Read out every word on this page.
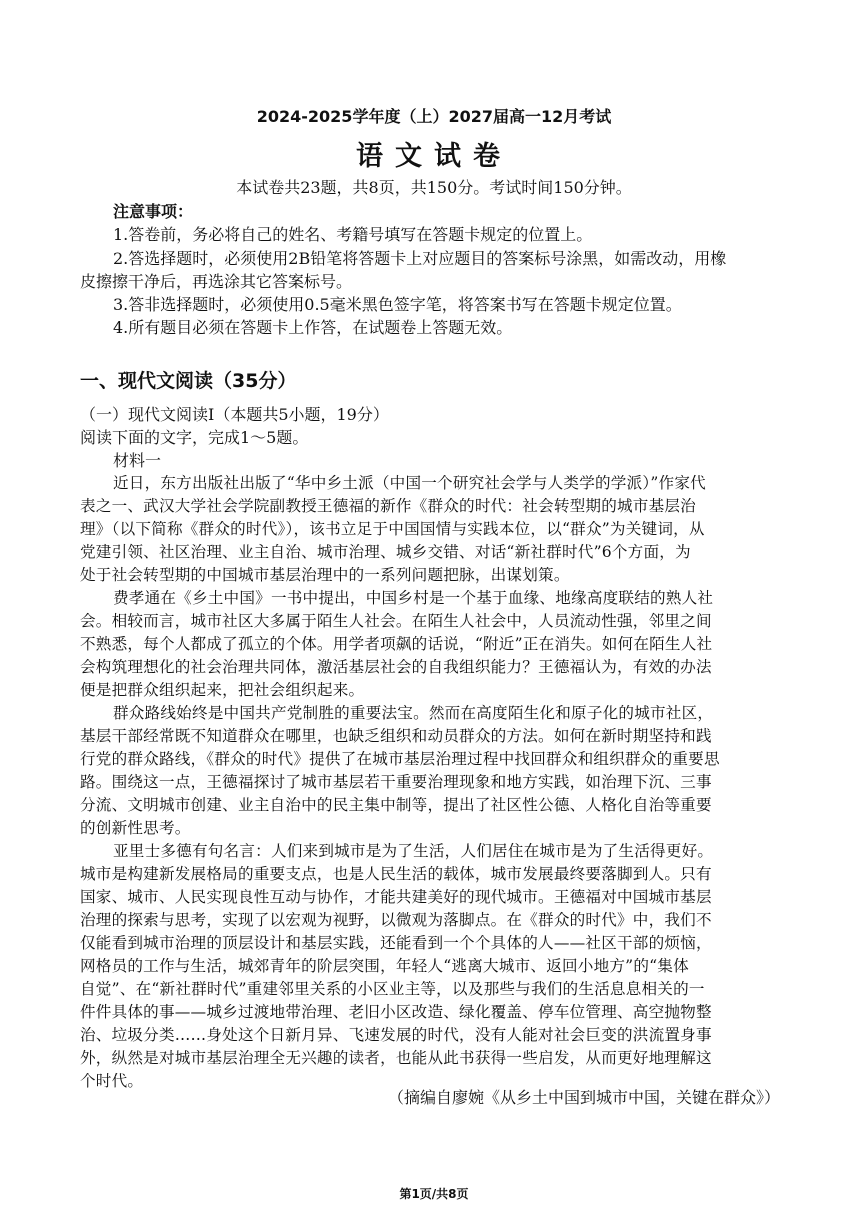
2024-2025学年度（上）2027届高一12月考试
语文试卷
本试卷共23题，共8页，共150分。考试时间150分钟。
注意事项：
1.答卷前，务必将自己的姓名、考籍号填写在答题卡规定的位置上。
2.答选择题时，必须使用2B铅笔将答题卡上对应题目的答案标号涂黑，如需改动，用橡
皮擦擦干净后，再选涂其它答案标号。
3.答非选择题时，必须使用0.5毫米黑色签字笔，将答案书写在答题卡规定位置。
4.所有题目必须在答题卡上作答，在试题卷上答题无效。
一、现代文阅读（35分）
（一）现代文阅读Ⅰ（本题共5小题，19分）
阅读下面的文字，完成1～5题。
材料一
近日，东方出版社出版了“华中乡土派（中国一个研究社会学与人类学的学派）”作家代
表之一、武汉大学社会学院副教授王德福的新作《群众的时代：社会转型期的城市基层治
理》（以下简称《群众的时代》），该书立足于中国国情与实践本位，以“群众”为关键词，从
党建引领、社区治理、业主自治、城市治理、城乡交错、对话“新社群时代”6个方面，为
处于社会转型期的中国城市基层治理中的一系列问题把脉，出谋划策。
费孝通在《乡土中国》一书中提出，中国乡村是一个基于血缘、地缘高度联结的熟人社
会。相较而言，城市社区大多属于陌生人社会。在陌生人社会中，人员流动性强，邻里之间
不熟悉，每个人都成了孤立的个体。用学者项飙的话说，“附近”正在消失。如何在陌生人社
会构筑理想化的社会治理共同体，激活基层社会的自我组织能力？王德福认为，有效的办法
便是把群众组织起来，把社会组织起来。
群众路线始终是中国共产党制胜的重要法宝。然而在高度陌生化和原子化的城市社区，
基层干部经常既不知道群众在哪里，也缺乏组织和动员群众的方法。如何在新时期坚持和践
行党的群众路线，《群众的时代》提供了在城市基层治理过程中找回群众和组织群众的重要思
路。围绕这一点，王德福探讨了城市基层若干重要治理现象和地方实践，如治理下沉、三事
分流、文明城市创建、业主自治中的民主集中制等，提出了社区性公德、人格化自治等重要
的创新性思考。
亚里士多德有句名言：人们来到城市是为了生活，人们居住在城市是为了生活得更好。
城市是构建新发展格局的重要支点，也是人民生活的载体，城市发展最终要落脚到人。只有
国家、城市、人民实现良性互动与协作，才能共建美好的现代城市。王德福对中国城市基层
治理的探索与思考，实现了以宏观为视野，以微观为落脚点。在《群众的时代》中，我们不
仅能看到城市治理的顶层设计和基层实践，还能看到一个个具体的人——社区干部的烦恼，
网格员的工作与生活，城郊青年的阶层突围，年轻人“逃离大城市、返回小地方”的“集体
自觉”、在“新社群时代”重建邻里关系的小区业主等，以及那些与我们的生活息息相关的一
件件具体的事——城乡过渡地带治理、老旧小区改造、绿化覆盖、停车位管理、高空抛物整
治、垃圾分类……身处这个日新月异、飞速发展的时代，没有人能对社会巨变的洪流置身事
外，纵然是对城市基层治理全无兴趣的读者，也能从此书获得一些启发，从而更好地理解这
个时代。
（摘编自廖婉《从乡土中国到城市中国，关键在群众》）
第1页/共8页
